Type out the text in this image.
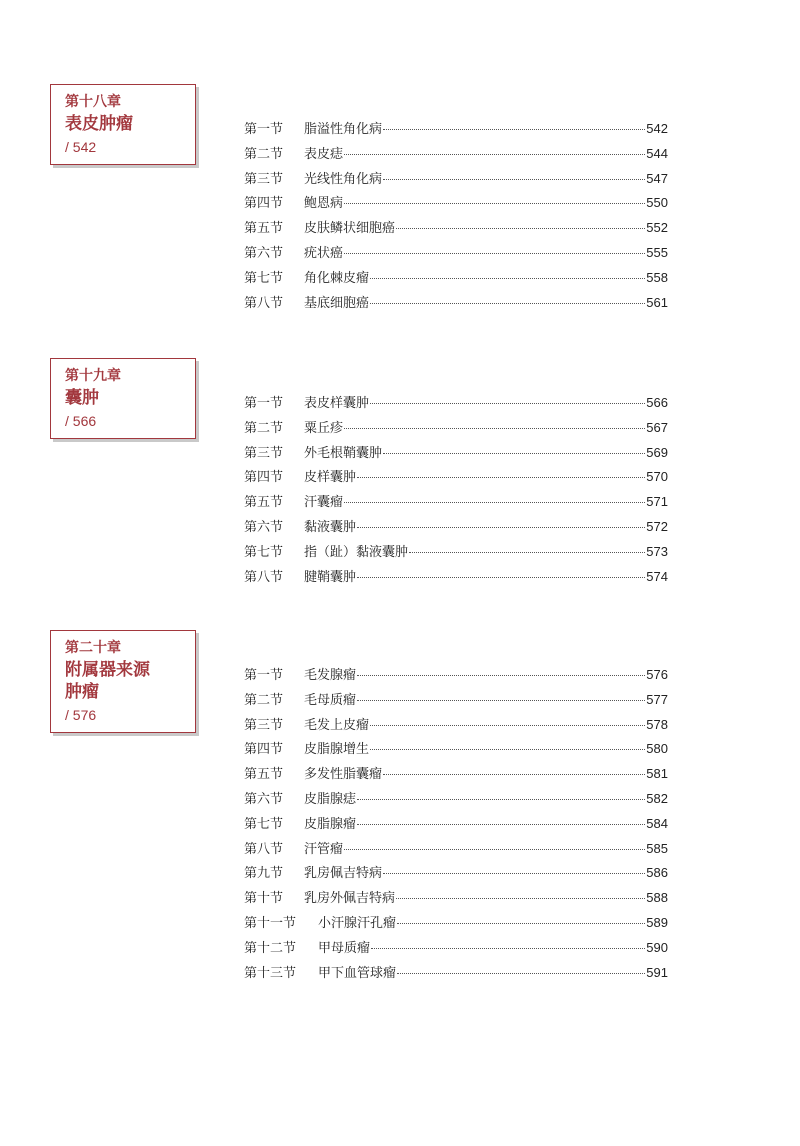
第十八章
表皮肿瘤
/ 542
第一节	脂溢性角化病	542
第二节	表皮痣	544
第三节	光线性角化病	547
第四节	鲍恩病	550
第五节	皮肤鳞状细胞癌	552
第六节	疣状癌	555
第七节	角化棘皮瘤	558
第八节	基底细胞癌	561
第十九章
囊肿
/ 566
第一节	表皮样囊肿	566
第二节	粟丘疹	567
第三节	外毛根鞘囊肿	569
第四节	皮样囊肿	570
第五节	汗囊瘤	571
第六节	黏液囊肿	572
第七节	指（趾）黏液囊肿	573
第八节	腱鞘囊肿	574
第二十章
附属器来源
肿瘤
/ 576
第一节	毛发腺瘤	576
第二节	毛母质瘤	577
第三节	毛发上皮瘤	578
第四节	皮脂腺增生	580
第五节	多发性脂囊瘤	581
第六节	皮脂腺痣	582
第七节	皮脂腺瘤	584
第八节	汗管瘤	585
第九节	乳房佩吉特病	586
第十节	乳房外佩吉特病	588
第十一节	小汗腺汗孔瘤	589
第十二节	甲母质瘤	590
第十三节	甲下血管球瘤	591
